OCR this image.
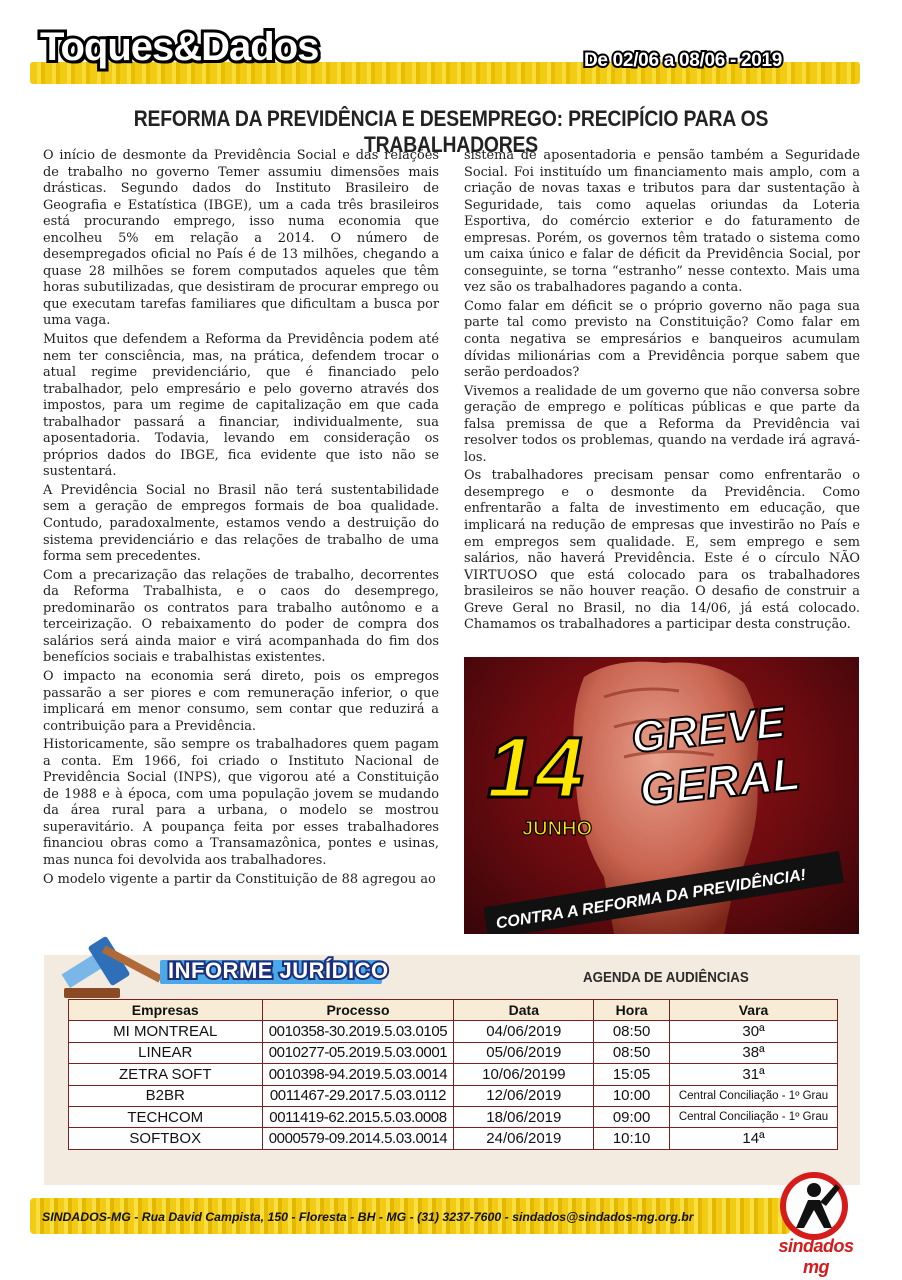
Toques&Dados	De 02/06 a 08/06 - 2019
REFORMA DA PREVIDÊNCIA E DESEMPREGO: PRECIPÍCIO PARA OS TRABALHADORES

O início de desmonte da Previdência Social e das relações de trabalho no governo Temer assumiu dimensões mais drásticas. Segundo dados do Instituto Brasileiro de Geografia e Estatística (IBGE), um a cada três brasileiros está procurando emprego, isso numa economia que encolheu 5% em relação a 2014. O número de desempregados oficial no País é de 13 milhões, chegando a quase 28 milhões se forem computados aqueles que têm horas subutilizadas, que desistiram de procurar emprego ou que executam tarefas familiares que dificultam a busca por uma vaga.

Muitos que defendem a Reforma da Previdência podem até nem ter consciência, mas, na prática, defendem trocar o atual regime previdenciário, que é financiado pelo trabalhador, pelo empresário e pelo governo através dos impostos, para um regime de capitalização em que cada trabalhador passará a financiar, individualmente, sua aposentadoria. Todavia, levando em consideração os próprios dados do IBGE, fica evidente que isto não se sustentará.

A Previdência Social no Brasil não terá sustentabilidade sem a geração de empregos formais de boa qualidade. Contudo, paradoxalmente, estamos vendo a destruição do sistema previdenciário e das relações de trabalho de uma forma sem precedentes.

Com a precarização das relações de trabalho, decorrentes da Reforma Trabalhista, e o caos do desemprego, predominarão os contratos para trabalho autônomo e a terceirização. O rebaixamento do poder de compra dos salários será ainda maior e virá acompanhada do fim dos benefícios sociais e trabalhistas existentes.

O impacto na economia será direto, pois os empregos passarão a ser piores e com remuneração inferior, o que implicará em menor consumo, sem contar que reduzirá a contribuição para a Previdência.

Historicamente, são sempre os trabalhadores quem pagam a conta. Em 1966, foi criado o Instituto Nacional de Previdência Social (INPS), que vigorou até a Constituição de 1988 e à época, com uma população jovem se mudando da área rural para a urbana, o modelo se mostrou superavitário. A poupança feita por esses trabalhadores financiou obras como a Transamazônica, pontes e usinas, mas nunca foi devolvida aos trabalhadores.

O modelo vigente a partir da Constituição de 88 agregou ao

sistema de aposentadoria e pensão também a Seguridade Social. Foi instituído um financiamento mais amplo, com a criação de novas taxas e tributos para dar sustentação à Seguridade, tais como aquelas oriundas da Loteria Esportiva, do comércio exterior e do faturamento de empresas. Porém, os governos têm tratado o sistema como um caixa único e falar de déficit da Previdência Social, por conseguinte, se torna “estranho” nesse contexto. Mais uma vez são os trabalhadores pagando a conta.

Como falar em déficit se o próprio governo não paga sua parte tal como previsto na Constituição? Como falar em conta negativa se empresários e banqueiros acumulam dívidas milionárias com a Previdência porque sabem que serão perdoados?

Vivemos a realidade de um governo que não conversa sobre geração de emprego e políticas públicas e que parte da falsa premissa de que a Reforma da Previdência vai resolver todos os problemas, quando na verdade irá agravá-los.

Os trabalhadores precisam pensar como enfrentarão o desemprego e o desmonte da Previdência. Como enfrentarão a falta de investimento em educação, que implicará na redução de empresas que investirão no País e em empregos sem qualidade. E, sem emprego e sem salários, não haverá Previdência. Este é o círculo NÃO VIRTUOSO que está colocado para os trabalhadores brasileiros se não houver reação. O desafio de construir a Greve Geral no Brasil, no dia 14/06, já está colocado. Chamamos os trabalhadores a participar desta construção.

14
JUNHO
GREVE
GERAL
CONTRA A REFORMA DA PREVIDÊNCIA!
INFORME JURÍDICO	AGENDA DE AUDIÊNCIAS
Empresas	Processo	Data	Hora	Vara
MI MONTREAL	0010358-30.2019.5.03.0105	04/06/2019	08:50	30ª
LINEAR	0010277-05.2019.5.03.0001	05/06/2019	08:50	38ª
ZETRA SOFT	0010398-94.2019.5.03.0014	10/06/20199	15:05	31ª
B2BR	0011467-29.2017.5.03.0112	12/06/2019	10:00	Central Conciliação - 1º Grau
TECHCOM	0011419-62.2015.5.03.0008	18/06/2019	09:00	Central Conciliação - 1º Grau
SOFTBOX	0000579-09.2014.5.03.0014	24/06/2019	10:10	14ª
SINDADOS-MG - Rua David Campista, 150 - Floresta - BH - MG - (31) 3237-7600 - sindados@sindados-mg.org.br
sindados mg
